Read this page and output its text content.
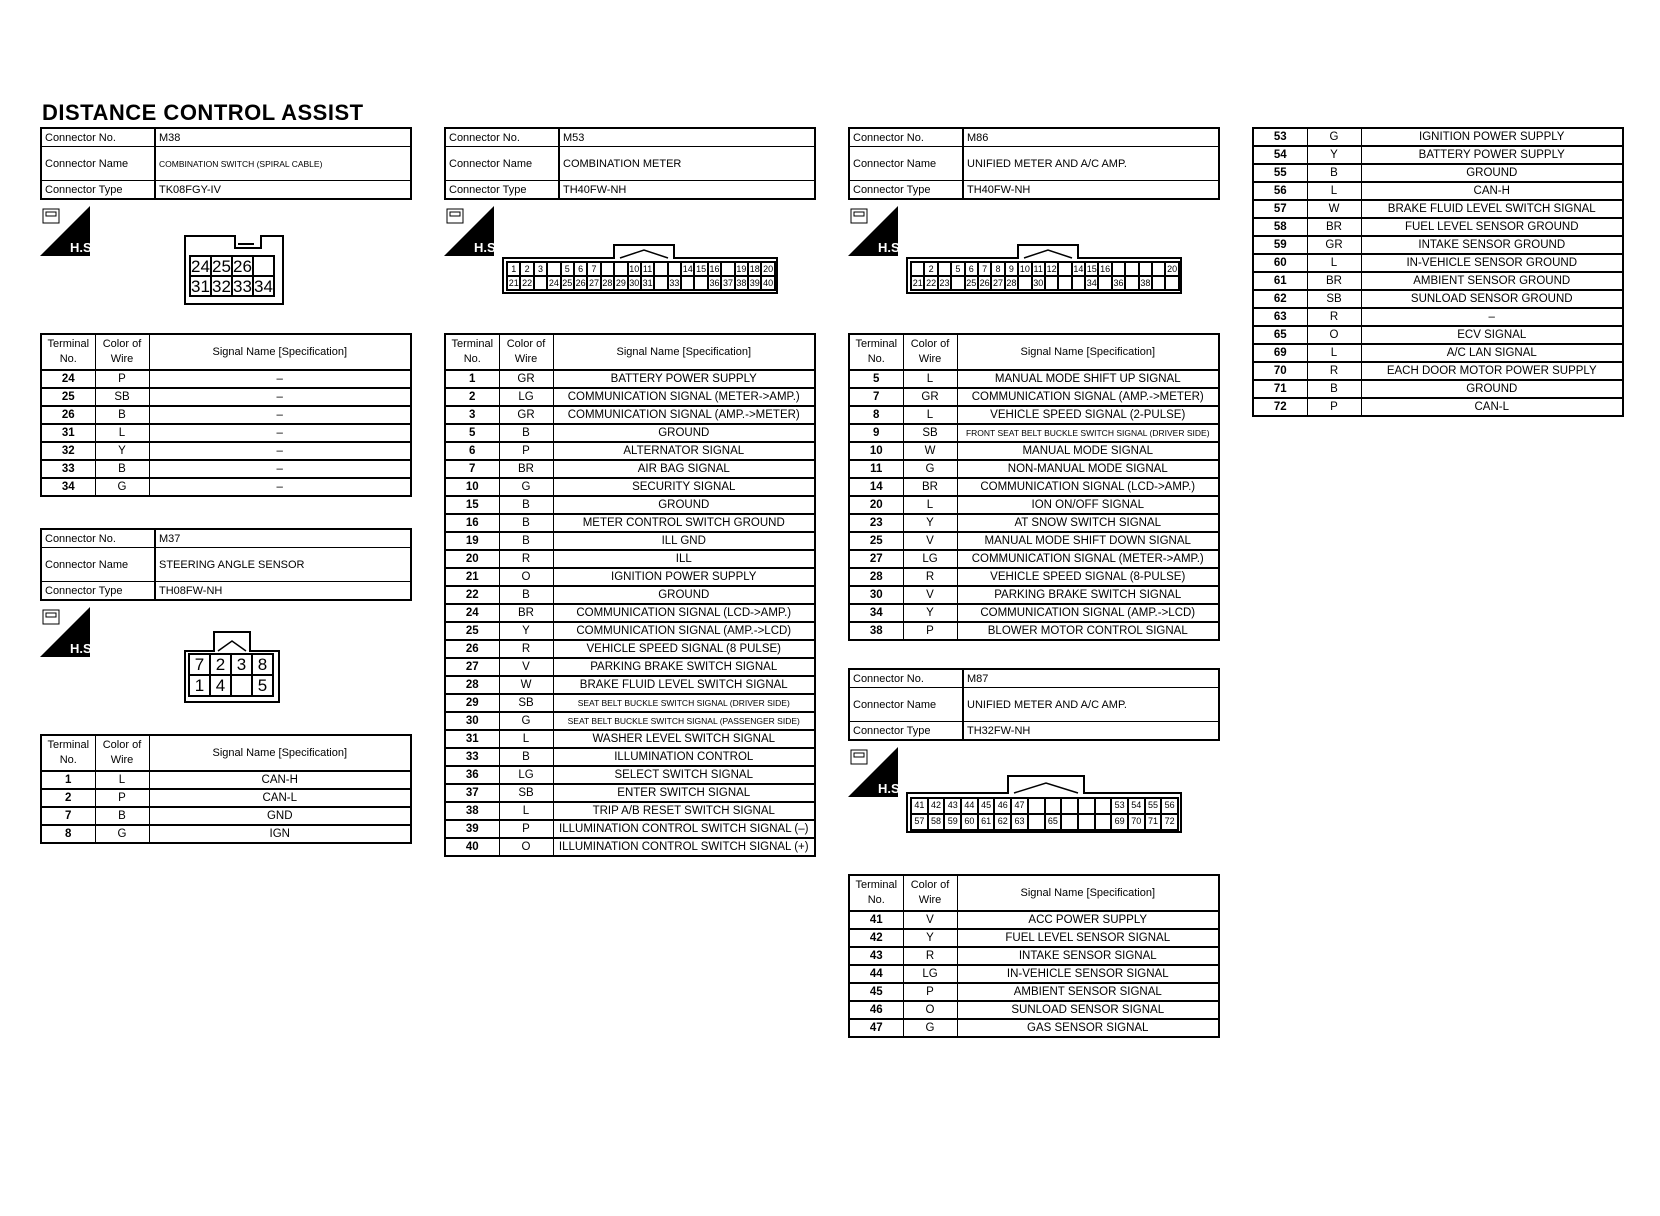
DISTANCE CONTROL ASSIST
Connector No.	M38
Connector Name	COMBINATION SWITCH (SPIRAL CABLE)
Connector Type	TK08FGY-IV
H.S.
24 25 26
31 32 33 34
Terminal No.	Color of Wire	Signal Name [Specification]
24	P	–
25	SB	–
26	B	–
31	L	–
32	Y	–
33	B	–
34	G	–
Connector No.	M37
Connector Name	STEERING ANGLE SENSOR
Connector Type	TH08FW-NH
H.S.
7 2 3 8
1 4	5
Terminal No.	Color of Wire	Signal Name [Specification]
1	L	CAN-H
2	P	CAN-L
7	B	GND
8	G	IGN
Connector No.	M53
Connector Name	COMBINATION METER
Connector Type	TH40FW-NH
H.S.
1 2 3	5 6 7	10 11	14 15 16 19 18 20
21 22 24 25 26 27 28 29 30 31 33	36 37 38 39 40
Terminal No.	Color of Wire	Signal Name [Specification]
1	GR	BATTERY POWER SUPPLY
2	LG	COMMUNICATION SIGNAL (METER->AMP.)
3	GR	COMMUNICATION SIGNAL (AMP.->METER)
5	B	GROUND
6	P	ALTERNATOR SIGNAL
7	BR	AIR BAG SIGNAL
10	G	SECURITY SIGNAL
15	B	GROUND
16	B	METER CONTROL SWITCH GROUND
19	B	ILL GND
20	R	ILL
21	O	IGNITION POWER SUPPLY
22	B	GROUND
24	BR	COMMUNICATION SIGNAL (LCD->AMP.)
25	Y	COMMUNICATION SIGNAL (AMP.->LCD)
26	R	VEHICLE SPEED SIGNAL (8 PULSE)
27	V	PARKING BRAKE SWITCH SIGNAL
28	W	BRAKE FLUID LEVEL SWITCH SIGNAL
29	SB	SEAT BELT BUCKLE SWITCH SIGNAL (DRIVER SIDE)
30	G	SEAT BELT BUCKLE SWITCH SIGNAL (PASSENGER SIDE)
31	L	WASHER LEVEL SWITCH SIGNAL
33	B	ILLUMINATION CONTROL
36	LG	SELECT SWITCH SIGNAL
37	SB	ENTER SWITCH SIGNAL
38	L	TRIP A/B RESET SWITCH SIGNAL
39	P	ILLUMINATION CONTROL SWITCH SIGNAL (–)
40	O	ILLUMINATION CONTROL SWITCH SIGNAL (+)
Connector No.	M86
Connector Name	UNIFIED METER AND A/C AMP.
Connector Type	TH40FW-NH
H.S.
2	5 6 7 8 9 10 11 12 14 15 16	20
21 22 23 25 26 27 28 30	34 36 38
Terminal No.	Color of Wire	Signal Name [Specification]
5	L	MANUAL MODE SHIFT UP SIGNAL
7	GR	COMMUNICATION SIGNAL (AMP.->METER)
8	L	VEHICLE SPEED SIGNAL (2-PULSE)
9	SB	FRONT SEAT BELT BUCKLE SWITCH SIGNAL (DRIVER SIDE)
10	W	MANUAL MODE SIGNAL
11	G	NON-MANUAL MODE SIGNAL
14	BR	COMMUNICATION SIGNAL (LCD->AMP.)
20	L	ION ON/OFF SIGNAL
23	Y	AT SNOW SWITCH SIGNAL
25	V	MANUAL MODE SHIFT DOWN SIGNAL
27	LG	COMMUNICATION SIGNAL (METER->AMP.)
28	R	VEHICLE SPEED SIGNAL (8-PULSE)
30	V	PARKING BRAKE SWITCH SIGNAL
34	Y	COMMUNICATION SIGNAL (AMP.->LCD)
38	P	BLOWER MOTOR CONTROL SIGNAL
Connector No.	M87
Connector Name	UNIFIED METER AND A/C AMP.
Connector Type	TH32FW-NH
H.S.
41 42 43 44 45 46 47	53 54 55 56
57 58 59 60 61 62 63	65	69 70 71 72
Terminal No.	Color of Wire	Signal Name [Specification]
41	V	ACC POWER SUPPLY
42	Y	FUEL LEVEL SENSOR SIGNAL
43	R	INTAKE SENSOR SIGNAL
44	LG	IN-VEHICLE SENSOR SIGNAL
45	P	AMBIENT SENSOR SIGNAL
46	O	SUNLOAD SENSOR SIGNAL
47	G	GAS SENSOR SIGNAL
53	G	IGNITION POWER SUPPLY
54	Y	BATTERY POWER SUPPLY
55	B	GROUND
56	L	CAN-H
57	W	BRAKE FLUID LEVEL SWITCH SIGNAL
58	BR	FUEL LEVEL SENSOR GROUND
59	GR	INTAKE SENSOR GROUND
60	L	IN-VEHICLE SENSOR GROUND
61	BR	AMBIENT SENSOR GROUND
62	SB	SUNLOAD SENSOR GROUND
63	R	–
65	O	ECV SIGNAL
69	L	A/C LAN SIGNAL
70	R	EACH DOOR MOTOR POWER SUPPLY
71	B	GROUND
72	P	CAN-L
